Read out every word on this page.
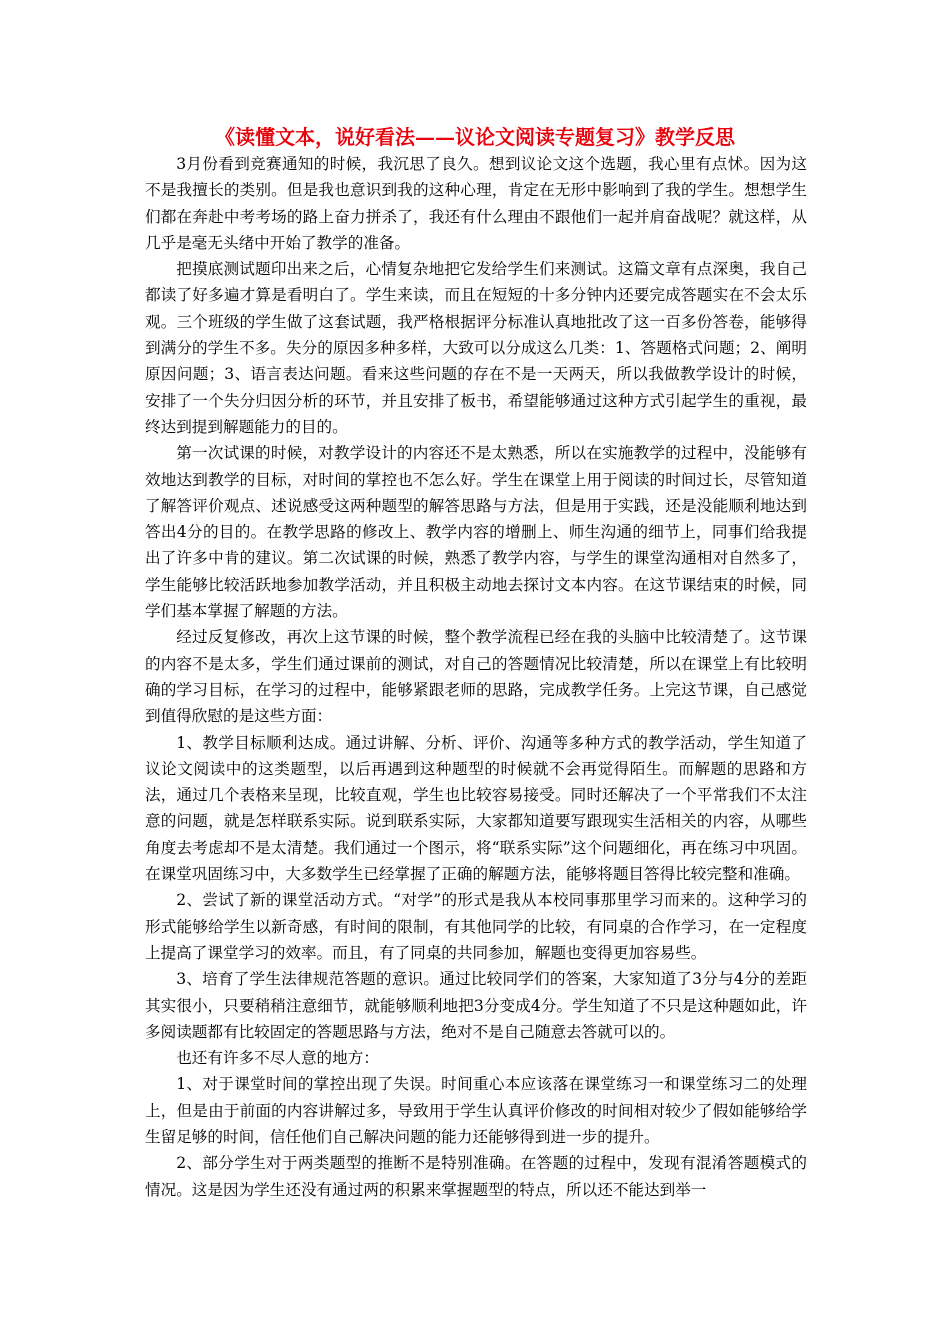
《读懂文本，说好看法——议论文阅读专题复习》教学反思

3月份看到竞赛通知的时候，我沉思了良久。想到议论文这个选题，我心里有点怵。因为这不是我擅长的类别。但是我也意识到我的这种心理，肯定在无形中影响到了我的学生。想想学生们都在奔赴中考考场的路上奋力拼杀了，我还有什么理由不跟他们一起并肩奋战呢？就这样，从几乎是毫无头绪中开始了教学的准备。

把摸底测试题印出来之后，心情复杂地把它发给学生们来测试。这篇文章有点深奥，我自己都读了好多遍才算是看明白了。学生来读，而且在短短的十多分钟内还要完成答题实在不会太乐观。三个班级的学生做了这套试题，我严格根据评分标准认真地批改了这一百多份答卷，能够得到满分的学生不多。失分的原因多种多样，大致可以分成这么几类：1、答题格式问题；2、阐明原因问题；3、语言表达问题。看来这些问题的存在不是一天两天，所以我做教学设计的时候，安排了一个失分归因分析的环节，并且安排了板书，希望能够通过这种方式引起学生的重视，最终达到提到解题能力的目的。

第一次试课的时候，对教学设计的内容还不是太熟悉，所以在实施教学的过程中，没能够有效地达到教学的目标，对时间的掌控也不怎么好。学生在课堂上用于阅读的时间过长，尽管知道了解答评价观点、述说感受这两种题型的解答思路与方法，但是用于实践，还是没能顺利地达到答出4分的目的。在教学思路的修改上、教学内容的增删上、师生沟通的细节上，同事们给我提出了许多中肯的建议。第二次试课的时候，熟悉了教学内容，与学生的课堂沟通相对自然多了，学生能够比较活跃地参加教学活动，并且积极主动地去探讨文本内容。在这节课结束的时候，同学们基本掌握了解题的方法。

经过反复修改，再次上这节课的时候，整个教学流程已经在我的头脑中比较清楚了。这节课的内容不是太多，学生们通过课前的测试，对自己的答题情况比较清楚，所以在课堂上有比较明确的学习目标，在学习的过程中，能够紧跟老师的思路，完成教学任务。上完这节课，自己感觉到值得欣慰的是这些方面：

1、教学目标顺利达成。通过讲解、分析、评价、沟通等多种方式的教学活动，学生知道了议论文阅读中的这类题型，以后再遇到这种题型的时候就不会再觉得陌生。而解题的思路和方法，通过几个表格来呈现，比较直观，学生也比较容易接受。同时还解决了一个平常我们不太注意的问题，就是怎样联系实际。说到联系实际，大家都知道要写跟现实生活相关的内容，从哪些角度去考虑却不是太清楚。我们通过一个图示，将“联系实际”这个问题细化，再在练习中巩固。在课堂巩固练习中，大多数学生已经掌握了正确的解题方法，能够将题目答得比较完整和准确。

2、尝试了新的课堂活动方式。“对学”的形式是我从本校同事那里学习而来的。这种学习的形式能够给学生以新奇感，有时间的限制，有其他同学的比较，有同桌的合作学习，在一定程度上提高了课堂学习的效率。而且，有了同桌的共同参加，解题也变得更加容易些。

3、培育了学生法律规范答题的意识。通过比较同学们的答案，大家知道了3分与4分的差距其实很小，只要稍稍注意细节，就能够顺利地把3分变成4分。学生知道了不只是这种题如此，许多阅读题都有比较固定的答题思路与方法，绝对不是自己随意去答就可以的。

也还有许多不尽人意的地方：

1、对于课堂时间的掌控出现了失误。时间重心本应该落在课堂练习一和课堂练习二的处理上，但是由于前面的内容讲解过多，导致用于学生认真评价修改的时间相对较少了假如能够给学生留足够的时间，信任他们自己解决问题的能力还能够得到进一步的提升。

2、部分学生对于两类题型的推断不是特别准确。在答题的过程中，发现有混淆答题模式的情况。这是因为学生还没有通过两的积累来掌握题型的特点，所以还不能达到举一
